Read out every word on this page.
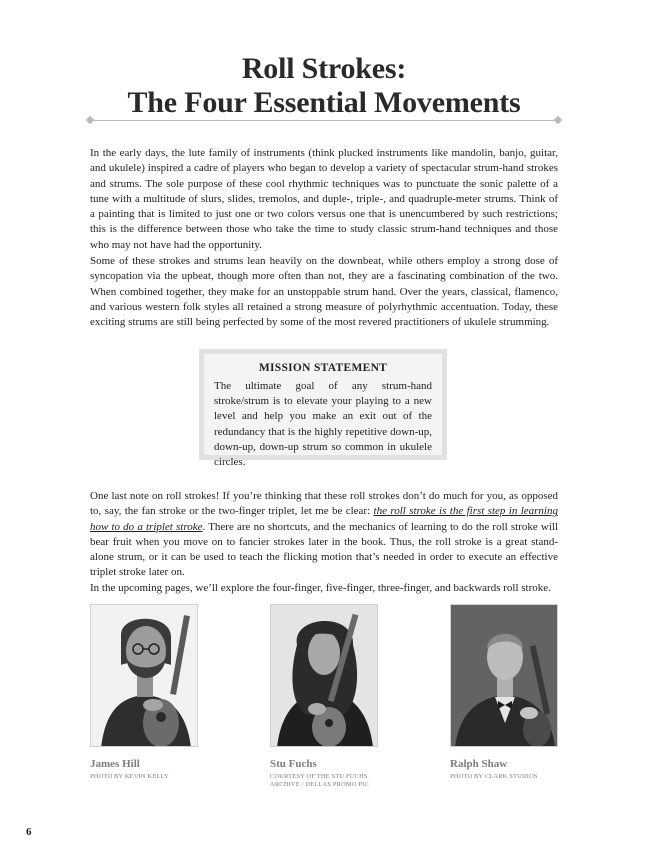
Roll Strokes:
The Four Essential Movements

In the early days, the lute family of instruments (think plucked instruments like mandolin, banjo, guitar, and ukulele) inspired a cadre of players who began to develop a variety of spectacular strum-hand strokes and strums. The sole purpose of these cool rhythmic techniques was to punctuate the sonic palette of a tune with a multitude of slurs, slides, tremolos, and duple-, triple-, and quadruple-meter strums. Think of a painting that is limited to just one or two colors versus one that is unencumbered by such restrictions; this is the difference between those who take the time to study classic strum-hand techniques and those who may not have had the opportunity.

Some of these strokes and strums lean heavily on the downbeat, while others employ a strong dose of syncopation via the upbeat, though more often than not, they are a fascinating combination of the two. When combined together, they make for an unstoppable strum hand. Over the years, classical, flamenco, and various western folk styles all retained a strong measure of polyrhythmic accentuation. Today, these exciting strums are still being perfected by some of the most revered practitioners of ukulele strumming.

MISSION STATEMENT
The ultimate goal of any strum-hand stroke/strum is to elevate your playing to a new level and help you make an exit out of the redundancy that is the highly repetitive down-up, down-up, down-up strum so common in ukulele circles.

One last note on roll strokes! If you’re thinking that these roll strokes don’t do much for you, as opposed to, say, the fan stroke or the two-finger triplet, let me be clear: the roll stroke is the first step in learning how to do a triplet stroke. There are no shortcuts, and the mechanics of learning to do the roll stroke will bear fruit when you move on to fancier strokes later in the book. Thus, the roll stroke is a great stand-alone strum, or it can be used to teach the flicking motion that’s needed in order to execute an effective triplet stroke later on.

In the upcoming pages, we’ll explore the four-finger, five-finger, three-finger, and backwards roll stroke.

James Hill
PHOTO BY KEVIN KELLY
Stu Fuchs
COURTESY OF THE STU FUCHS ARCHIVE / DELLAS PROMO PIC
Ralph Shaw
PHOTO BY CLARK STUDIOS
6
